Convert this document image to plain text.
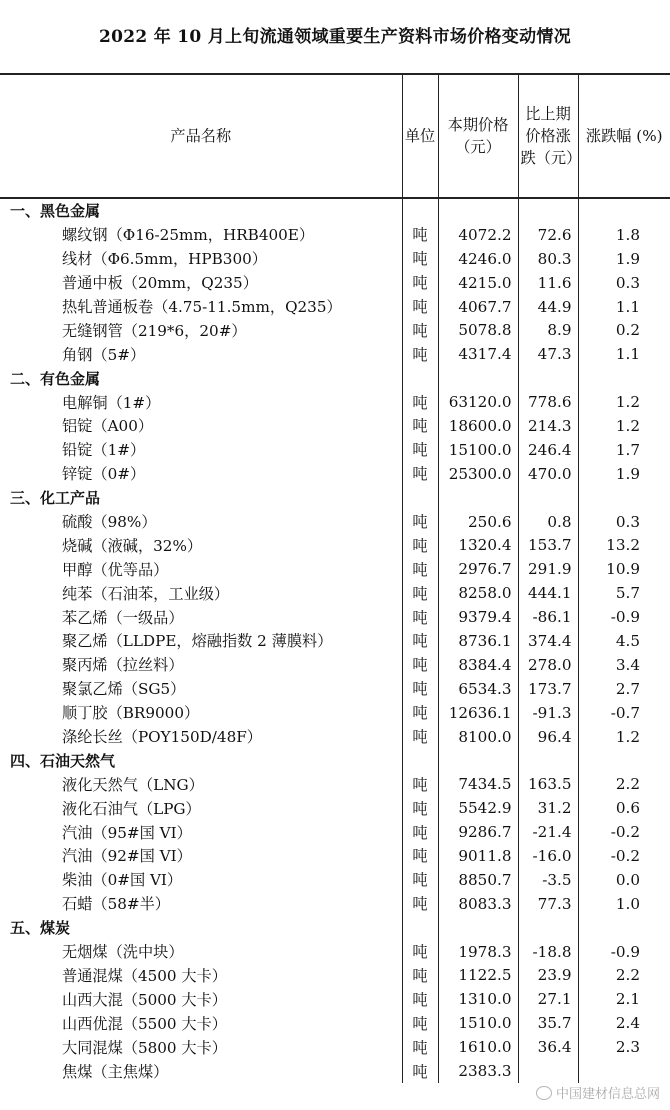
2022 年 10 月上旬流通领域重要生产资料市场价格变动情况
产品名称	单位	本期价格（元）	比上期价格涨跌（元）	涨跌幅 (%)
一、黑色金属				
螺纹钢（Φ16-25mm，HRB400E）	吨	4072.2	72.6	1.8
线材（Φ6.5mm，HPB300）	吨	4246.0	80.3	1.9
普通中板（20mm，Q235）	吨	4215.0	11.6	0.3
热轧普通板卷（4.75-11.5mm，Q235）	吨	4067.7	44.9	1.1
无缝钢管（219*6，20#）	吨	5078.8	8.9	0.2
角钢（5#）	吨	4317.4	47.3	1.1
二、有色金属				
电解铜（1#）	吨	63120.0	778.6	1.2
铝锭（A00）	吨	18600.0	214.3	1.2
铅锭（1#）	吨	15100.0	246.4	1.7
锌锭（0#）	吨	25300.0	470.0	1.9
三、化工产品				
硫酸（98%）	吨	250.6	0.8	0.3
烧碱（液碱，32%）	吨	1320.4	153.7	13.2
甲醇（优等品）	吨	2976.7	291.9	10.9
纯苯（石油苯，工业级）	吨	8258.0	444.1	5.7
苯乙烯（一级品）	吨	9379.4	-86.1	-0.9
聚乙烯（LLDPE，熔融指数 2 薄膜料）	吨	8736.1	374.4	4.5
聚丙烯（拉丝料）	吨	8384.4	278.0	3.4
聚氯乙烯（SG5）	吨	6534.3	173.7	2.7
顺丁胶（BR9000）	吨	12636.1	-91.3	-0.7
涤纶长丝（POY150D/48F）	吨	8100.0	96.4	1.2
四、石油天然气				
液化天然气（LNG）	吨	7434.5	163.5	2.2
液化石油气（LPG）	吨	5542.9	31.2	0.6
汽油（95#国 VI）	吨	9286.7	-21.4	-0.2
汽油（92#国 VI）	吨	9011.8	-16.0	-0.2
柴油（0#国 VI）	吨	8850.7	-3.5	0.0
石蜡（58#半）	吨	8083.3	77.3	1.0
五、煤炭				
无烟煤（洗中块）	吨	1978.3	-18.8	-0.9
普通混煤（4500 大卡）	吨	1122.5	23.9	2.2
山西大混（5000 大卡）	吨	1310.0	27.1	2.1
山西优混（5500 大卡）	吨	1510.0	35.7	2.4
大同混煤（5800 大卡）	吨	1610.0	36.4	2.3
焦煤（主焦煤）	吨	2383.3		
中国建材信息总网
